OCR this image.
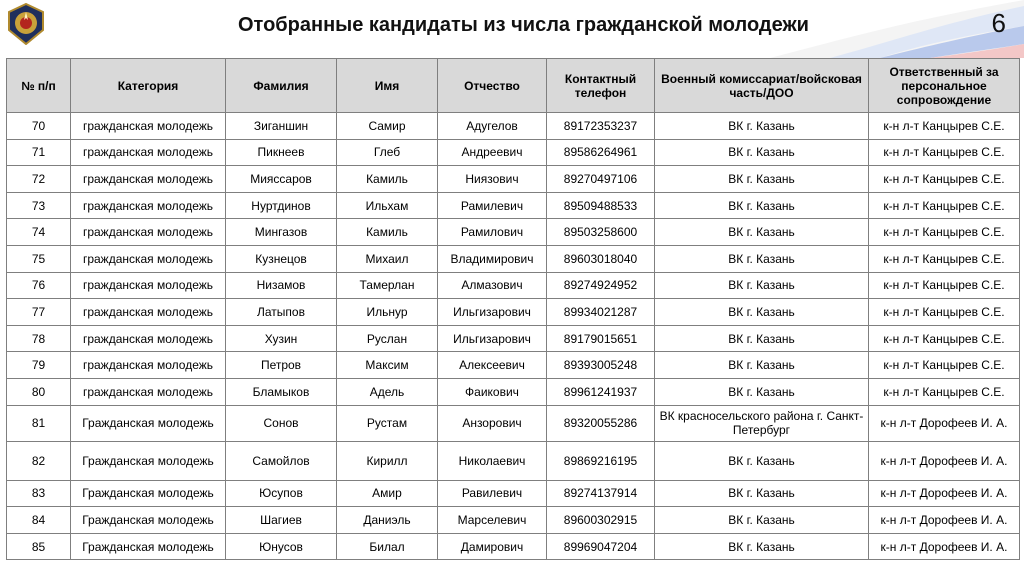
Отобранные кандидаты из числа гражданской молодежи	6
№ п/п	Категория	Фамилия	Имя	Отчество	Контактный телефон	Военный комиссариат/войсковая часть/ДОО	Ответственный за персональное сопровождение
70	гражданская молодежь	Зиганшин	Самир	Адугелов	89172353237	ВК г. Казань	к-н л-т Канцырев С.Е.
71	гражданская молодежь	Пикнеев	Глеб	Андреевич	89586264961	ВК г. Казань	к-н л-т Канцырев С.Е.
72	гражданская молодежь	Мияссаров	Камиль	Ниязович	89270497106	ВК г. Казань	к-н л-т Канцырев С.Е.
73	гражданская молодежь	Нуртдинов	Ильхам	Рамилевич	89509488533	ВК г. Казань	к-н л-т Канцырев С.Е.
74	гражданская молодежь	Мингазов	Камиль	Рамилович	89503258600	ВК г. Казань	к-н л-т Канцырев С.Е.
75	гражданская молодежь	Кузнецов	Михаил	Владимирович	89603018040	ВК г. Казань	к-н л-т Канцырев С.Е.
76	гражданская молодежь	Низамов	Тамерлан	Алмазович	89274924952	ВК г. Казань	к-н л-т Канцырев С.Е.
77	гражданская молодежь	Латыпов	Ильнур	Ильгизарович	89934021287	ВК г. Казань	к-н л-т Канцырев С.Е.
78	гражданская молодежь	Хузин	Руслан	Ильгизарович	89179015651	ВК г. Казань	к-н л-т Канцырев С.Е.
79	гражданская молодежь	Петров	Максим	Алексеевич	89393005248	ВК г. Казань	к-н л-т Канцырев С.Е.
80	гражданская молодежь	Бламыков	Адель	Фаикович	89961241937	ВК г. Казань	к-н л-т Канцырев С.Е.
81	Гражданская молодежь	Сонов	Рустам	Анзорович	89320055286	ВК красносельского района г. Санкт-Петербург	к-н л-т Дорофеев И. А.
82	Гражданская молодежь	Самойлов	Кирилл	Николаевич	89869216195	ВК г. Казань	к-н л-т Дорофеев И. А.
83	Гражданская молодежь	Юсупов	Амир	Равилевич	89274137914	ВК г. Казань	к-н л-т Дорофеев И. А.
84	Гражданская молодежь	Шагиев	Даниэль	Марселевич	89600302915	ВК г. Казань	к-н л-т Дорофеев И. А.
85	Гражданская молодежь	Юнусов	Билал	Дамирович	89969047204	ВК г. Казань	к-н л-т Дорофеев И. А.
